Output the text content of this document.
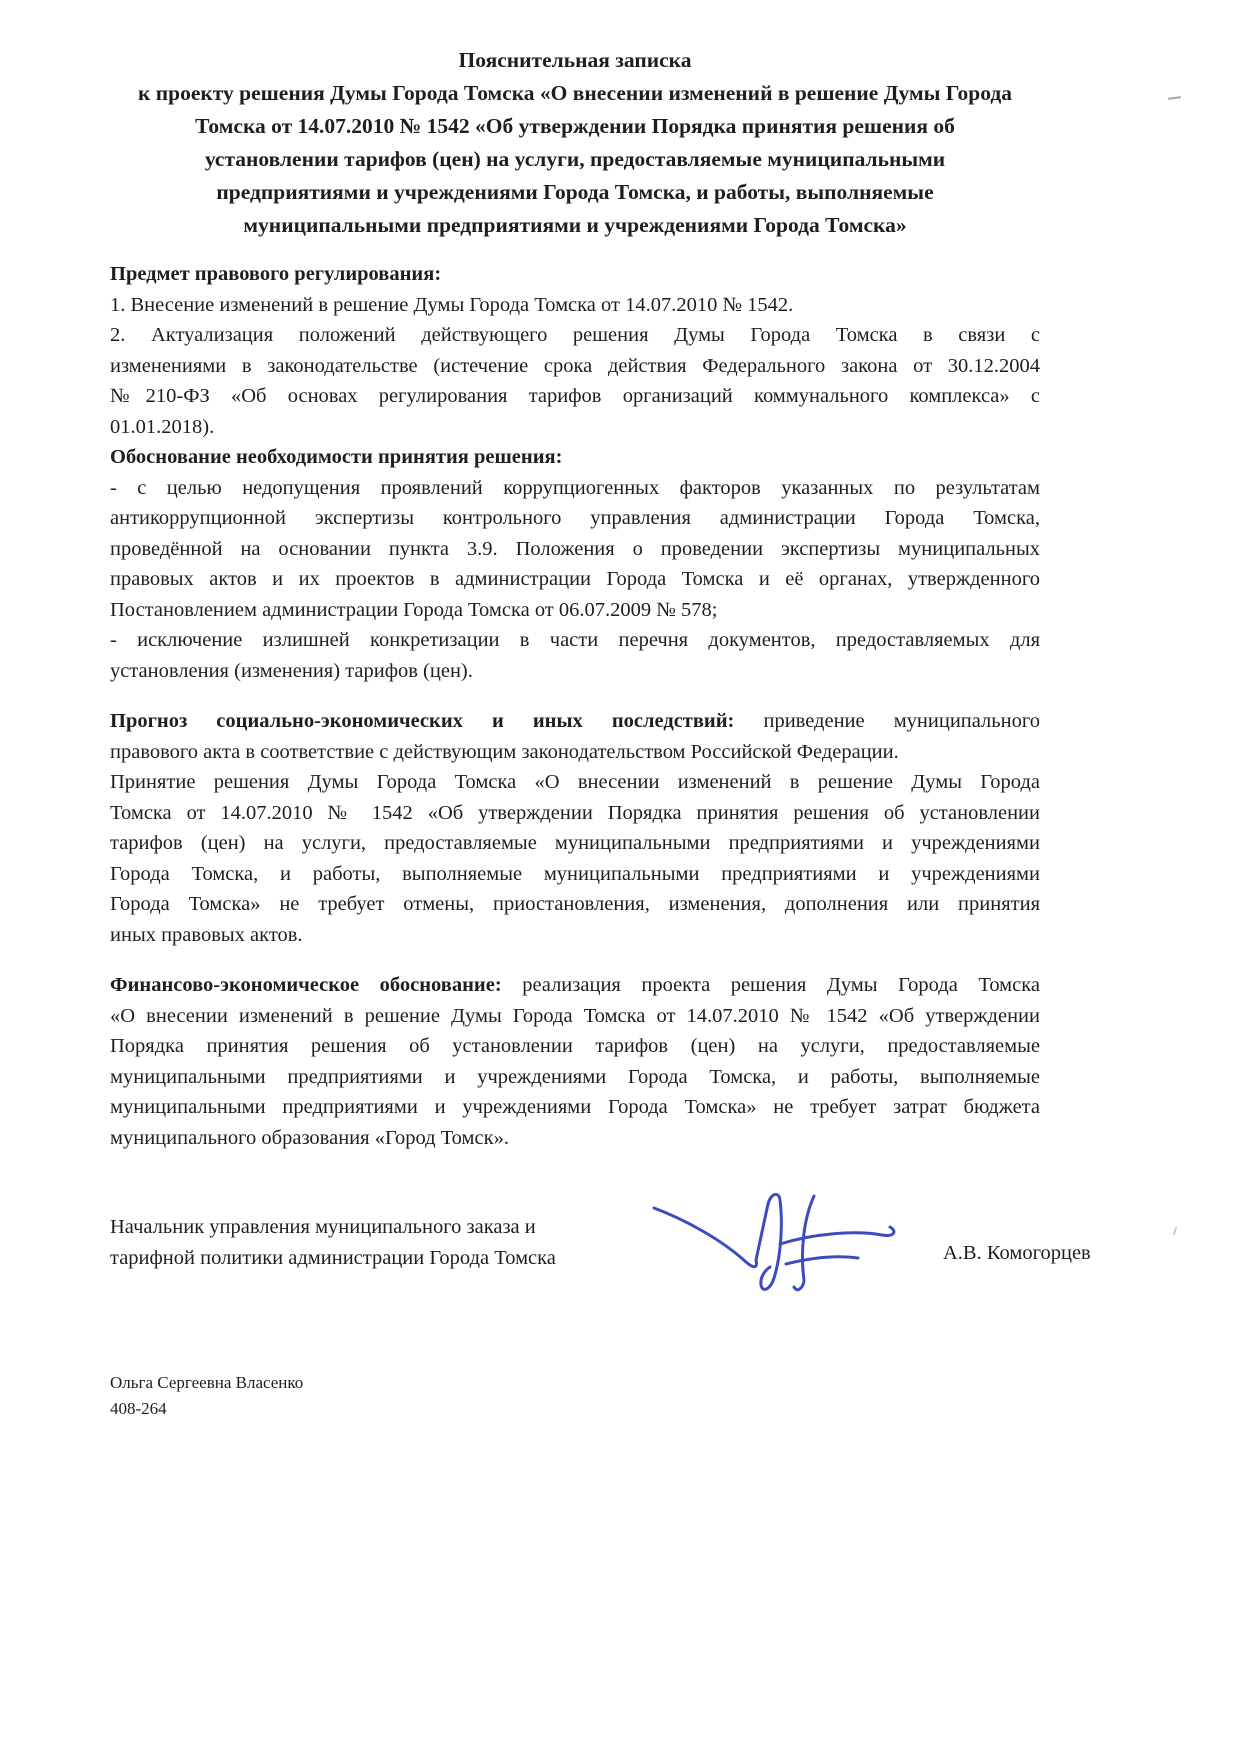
Пояснительная записка
к проекту решения Думы Города Томска «О внесении изменений в решение Думы Города
Томска от 14.07.2010 № 1542 «Об утверждении Порядка принятия решения об
установлении тарифов (цен) на услуги, предоставляемые муниципальными
предприятиями и учреждениями Города Томска, и работы, выполняемые
муниципальными предприятиями и учреждениями Города Томска»
Предмет правового регулирования:
1. Внесение изменений в решение Думы Города Томска от 14.07.2010 № 1542.
2. Актуализация положений действующего решения Думы Города Томска в связи с
изменениями в законодательстве (истечение срока действия Федерального закона от 30.12.2004
№210-ФЗ «Об основах регулирования тарифов организаций коммунального комплекса» с
01.01.2018).
Обоснование необходимости принятия решения:
- с целью недопущения проявлений коррупциогенных факторов указанных по результатам
антикоррупционной экспертизы контрольного управления администрации Города Томска,
проведённой на основании пункта 3.9. Положения о проведении экспертизы муниципальных
правовых актов и их проектов в администрации Города Томска и её органах, утвержденного
Постановлением администрации Города Томска от 06.07.2009 № 578;
- исключение излишней конкретизации в части перечня документов, предоставляемых для
установления (изменения) тарифов (цен).
Прогноз социально-экономических и иных последствий: приведение муниципального
правового акта в соответствие с действующим законодательством Российской Федерации.
Принятие решения Думы Города Томска «О внесении изменений в решение Думы Города
Томска от 14.07.2010 № 1542 «Об утверждении Порядка принятия решения об установлении
тарифов (цен) на услуги, предоставляемые муниципальными предприятиями и учреждениями
Города Томска, и работы, выполняемые муниципальными предприятиями и учреждениями
Города Томска» не требует отмены, приостановления, изменения, дополнения или принятия
иных правовых актов.
Финансово-экономическое обоснование: реализация проекта решения Думы Города Томска
«О внесении изменений в решение Думы Города Томска от 14.07.2010 № 1542 «Об утверждении
Порядка принятия решения об установлении тарифов (цен) на услуги, предоставляемые
муниципальными предприятиями и учреждениями Города Томска, и работы, выполняемые
муниципальными предприятиями и учреждениями Города Томска» не требует затрат бюджета
муниципального образования «Город Томск».
Начальник управления муниципального заказа и
тарифной политики администрации Города Томска	А.В. Комогорцев
Ольга Сергеевна Власенко
408-264
